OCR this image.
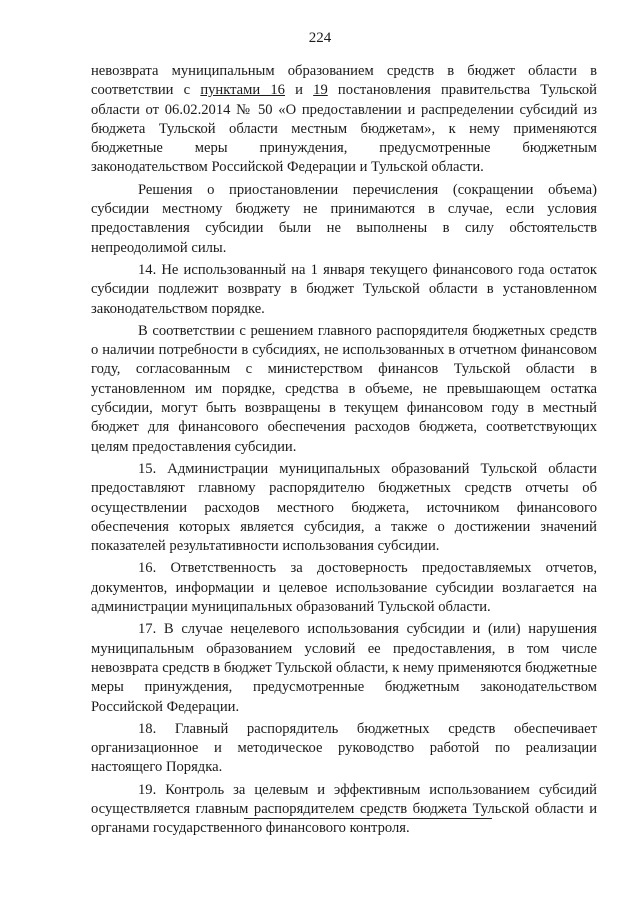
224

невозврата муниципальным образованием средств в бюджет области в соответствии с пунктами 16 и 19 постановления правительства Тульской области от 06.02.2014 № 50 «О предоставлении и распределении субсидий из бюджета Тульской области местным бюджетам», к нему применяются бюджетные меры принуждения, предусмотренные бюджетным законодательством Российской Федерации и Тульской области.

Решения о приостановлении перечисления (сокращении объема) субсидии местному бюджету не принимаются в случае, если условия предоставления субсидии были не выполнены в силу обстоятельств непреодолимой силы.

14. Не использованный на 1 января текущего финансового года остаток субсидии подлежит возврату в бюджет Тульской области в установленном законодательством порядке.

В соответствии с решением главного распорядителя бюджетных средств о наличии потребности в субсидиях, не использованных в отчетном финансовом году, согласованным с министерством финансов Тульской области в установленном им порядке, средства в объеме, не превышающем остатка субсидии, могут быть возвращены в текущем финансовом году в местный бюджет для финансового обеспечения расходов бюджета, соответствующих целям предоставления субсидии.

15. Администрации муниципальных образований Тульской области предоставляют главному распорядителю бюджетных средств отчеты об осуществлении расходов местного бюджета, источником финансового обеспечения которых является субсидия, а также о достижении значений показателей результативности использования субсидии.

16. Ответственность за достоверность предоставляемых отчетов, документов, информации и целевое использование субсидии возлагается на администрации муниципальных образований Тульской области.

17. В случае нецелевого использования субсидии и (или) нарушения муниципальным образованием условий ее предоставления, в том числе невозврата средств в бюджет Тульской области, к нему применяются бюджетные меры принуждения, предусмотренные бюджетным законодательством Российской Федерации.

18. Главный распорядитель бюджетных средств обеспечивает организационное и методическое руководство работой по реализации настоящего Порядка.

19. Контроль за целевым и эффективным использованием субсидий осуществляется главным распорядителем средств бюджета Тульской области и органами государственного финансового контроля.
